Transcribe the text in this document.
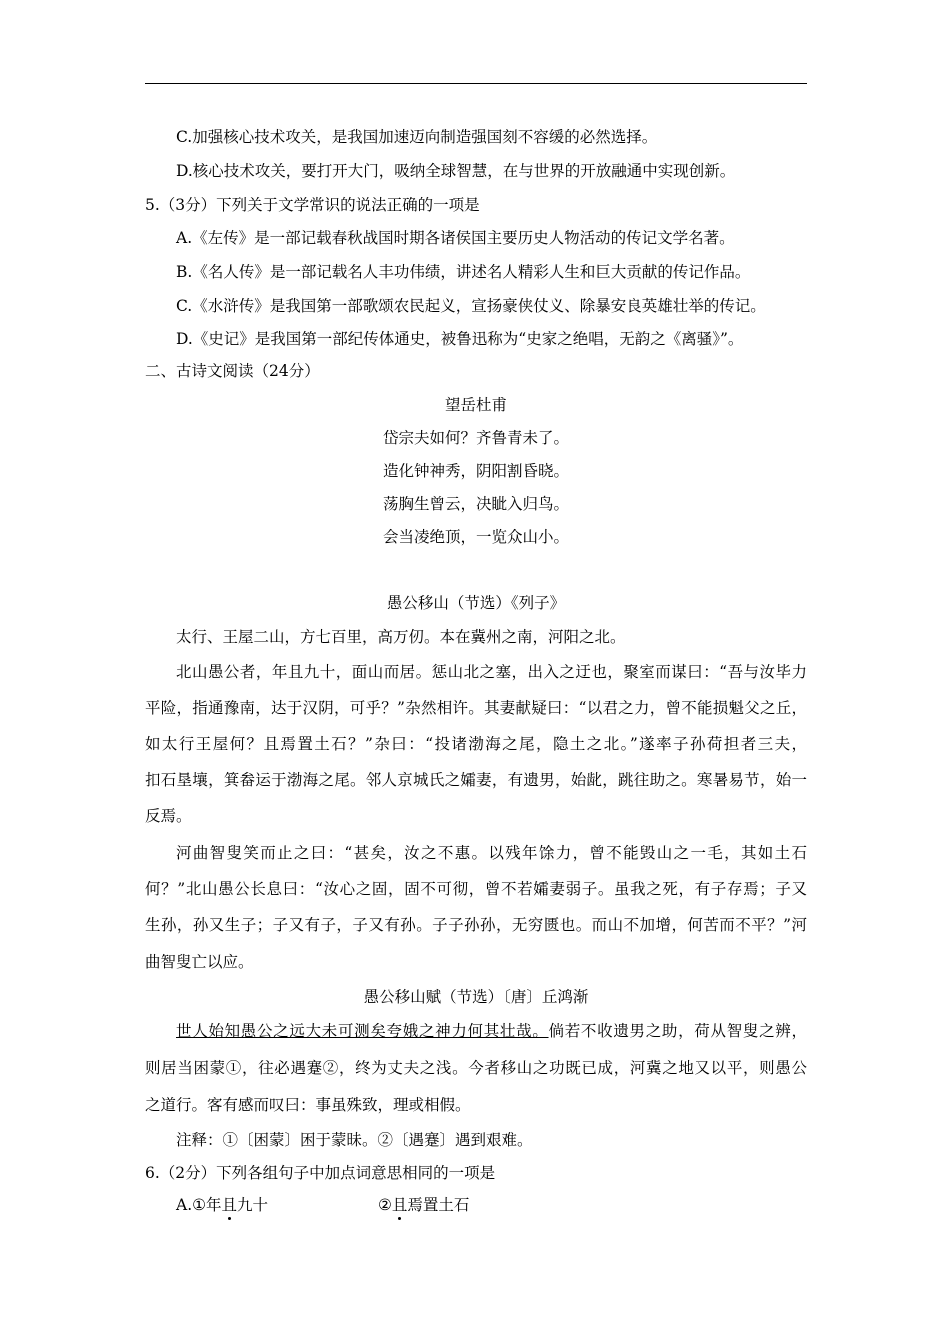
C.加强核心技术攻关，是我国加速迈向制造强国刻不容缓的必然选择。
D.核心技术攻关，要打开大门，吸纳全球智慧，在与世界的开放融通中实现创新。
5.（3分）下列关于文学常识的说法正确的一项是
A.《左传》是一部记载春秋战国时期各诸侯国主要历史人物活动的传记文学名著。
B.《名人传》是一部记载名人丰功伟绩，讲述名人精彩人生和巨大贡献的传记作品。
C.《水浒传》是我国第一部歌颂农民起义，宣扬豪侠仗义、除暴安良英雄壮举的传记。
D.《史记》是我国第一部纪传体通史，被鲁迅称为“史家之绝唱，无韵之《离骚》”。
二、古诗文阅读（24分）
望岳杜甫
岱宗夫如何？齐鲁青未了。
造化钟神秀，阴阳割昏晓。
荡胸生曾云，决眦入归鸟。
会当凌绝顶，一览众山小。
愚公移山（节选）《列子》
太行、王屋二山，方七百里，高万仞。本在冀州之南，河阳之北。
北山愚公者，年且九十，面山而居。惩山北之塞，出入之迂也，聚室而谋曰：“吾与汝毕力
平险，指通豫南，达于汉阴，可乎？”杂然相许。其妻献疑曰：“以君之力，曾不能损魁父之丘，
如太行王屋何？且焉置土石？”杂曰：“投诸渤海之尾，隐土之北。”遂率子孙荷担者三夫，
扣石垦壤，箕畚运于渤海之尾。邻人京城氏之孀妻，有遗男，始龀，跳往助之。寒暑易节，始一
反焉。
河曲智叟笑而止之曰：“甚矣，汝之不惠。以残年馀力，曾不能毁山之一毛，其如土石
何？”北山愚公长息曰：“汝心之固，固不可彻，曾不若孀妻弱子。虽我之死，有子存焉；子又
生孙，孙又生子；子又有子，子又有孙。子子孙孙，无穷匮也。而山不加增，何苦而不平？”河
曲智叟亡以应。
愚公移山赋（节选）〔唐〕丘鸿渐
世人始知愚公之远大未可测矣夸娥之神力何其壮哉。倘若不收遗男之助，荷从智叟之辨，
则居当困蒙①，往必遇蹇②，终为丈夫之浅。今者移山之功既已成，河冀之地又以平，则愚公
之道行。客有感而叹曰：事虽殊致，理或相假。
注释：①〔困蒙〕困于蒙昧。②〔遇蹇〕遇到艰难。
6.（2分）下列各组句子中加点词意思相同的一项是
A.①年且九十	②且焉置土石
